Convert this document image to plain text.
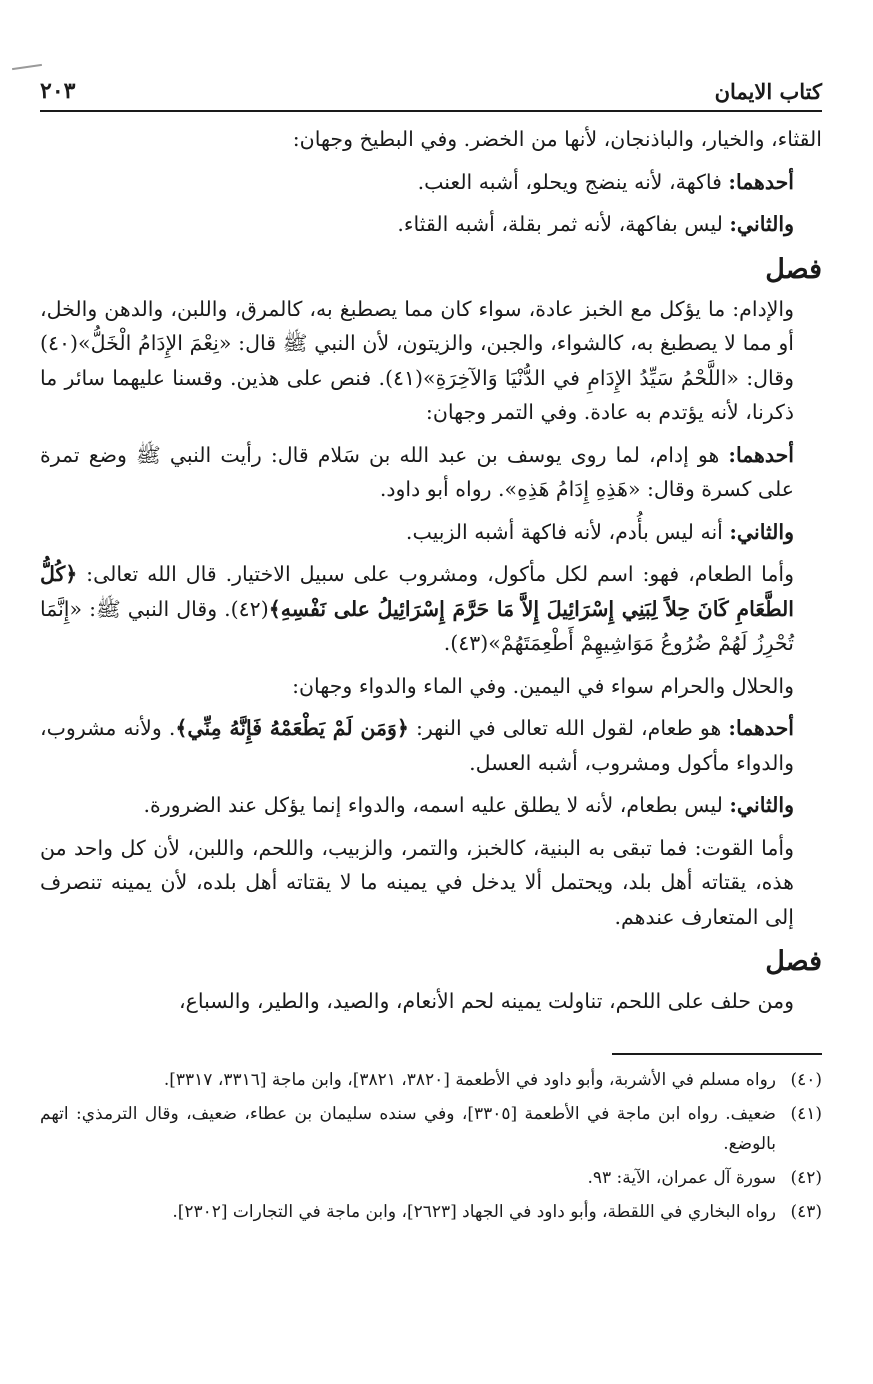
كتاب الايمان
٢٠٣

القثاء، والخيار، والباذنجان، لأنها من الخضر. وفي البطيخ وجهان:

أحدهما: فاكهة، لأنه ينضج ويحلو، أشبه العنب.

والثاني: ليس بفاكهة، لأنه ثمر بقلة، أشبه القثاء.

فصل

والإدام: ما يؤكل مع الخبز عادة، سواء كان مما يصطبغ به، كالمرق، واللبن، والدهن والخل، أو مما لا يصطبغ به، كالشواء، والجبن، والزيتون، لأن النبي ﷺ قال: «نِعْمَ الإِدَامُ الْخَلُّ»(٤٠) وقال: «اللَّحْمُ سَيِّدُ الإِدَامِ في الدُّنْيَا وَالآخِرَةِ»(٤١). فنص على هذين. وقسنا عليهما سائر ما ذكرنا، لأنه يؤتدم به عادة. وفي التمر وجهان:

أحدهما: هو إدام، لما روى يوسف بن عبد الله بن سَلام قال: رأيت النبي ﷺ وضع تمرة على كسرة وقال: «هَذِهِ إِدَامُ هَذِهِ». رواه أبو داود.

والثاني: أنه ليس بأُدم، لأنه فاكهة أشبه الزبيب.

وأما الطعام، فهو: اسم لكل مأكول، ومشروب على سبيل الاختيار. قال الله تعالى: ﴿كُلُّ الطَّعَامِ كَانَ حِلاً لِبَنِي إِسْرَائِيلَ إِلاَّ مَا حَرَّمَ إِسْرَائِيلُ على نَفْسِهِ﴾(٤٢). وقال النبي ﷺ: «إِنَّمَا تُحْرِزُ لَهُمْ ضُرُوعُ مَوَاشِيهِمْ أَطْعِمَتَهُمْ»(٤٣).

والحلال والحرام سواء في اليمين. وفي الماء والدواء وجهان:

أحدهما: هو طعام، لقول الله تعالى في النهر: ﴿وَمَن لَمْ يَطْعَمْهُ فَإِنَّهُ مِنِّي﴾. ولأنه مشروب، والدواء مأكول ومشروب، أشبه العسل.

والثاني: ليس بطعام، لأنه لا يطلق عليه اسمه، والدواء إنما يؤكل عند الضرورة.

وأما القوت: فما تبقى به البنية، كالخبز، والتمر، والزبيب، واللحم، واللبن، لأن كل واحد من هذه، يقتاته أهل بلد، ويحتمل ألا يدخل في يمينه ما لا يقتاته أهل بلده، لأن يمينه تنصرف إلى المتعارف عندهم.

فصل

ومن حلف على اللحم، تناولت يمينه لحم الأنعام، والصيد، والطير، والسباع،

(٤٠)
رواه مسلم في الأشربة، وأبو داود في الأطعمة [٣٨٢٠، ٣٨٢١]، وابن ماجة [٣٣١٦، ٣٣١٧].
(٤١)
ضعيف. رواه ابن ماجة في الأطعمة [٣٣٠٥]، وفي سنده سليمان بن عطاء، ضعيف، وقال الترمذي: اتهم بالوضع.
(٤٢)
سورة آل عمران، الآية: ٩٣.
(٤٣)
رواه البخاري في اللقطة، وأبو داود في الجهاد [٢٦٢٣]، وابن ماجة في التجارات [٢٣٠٢].
